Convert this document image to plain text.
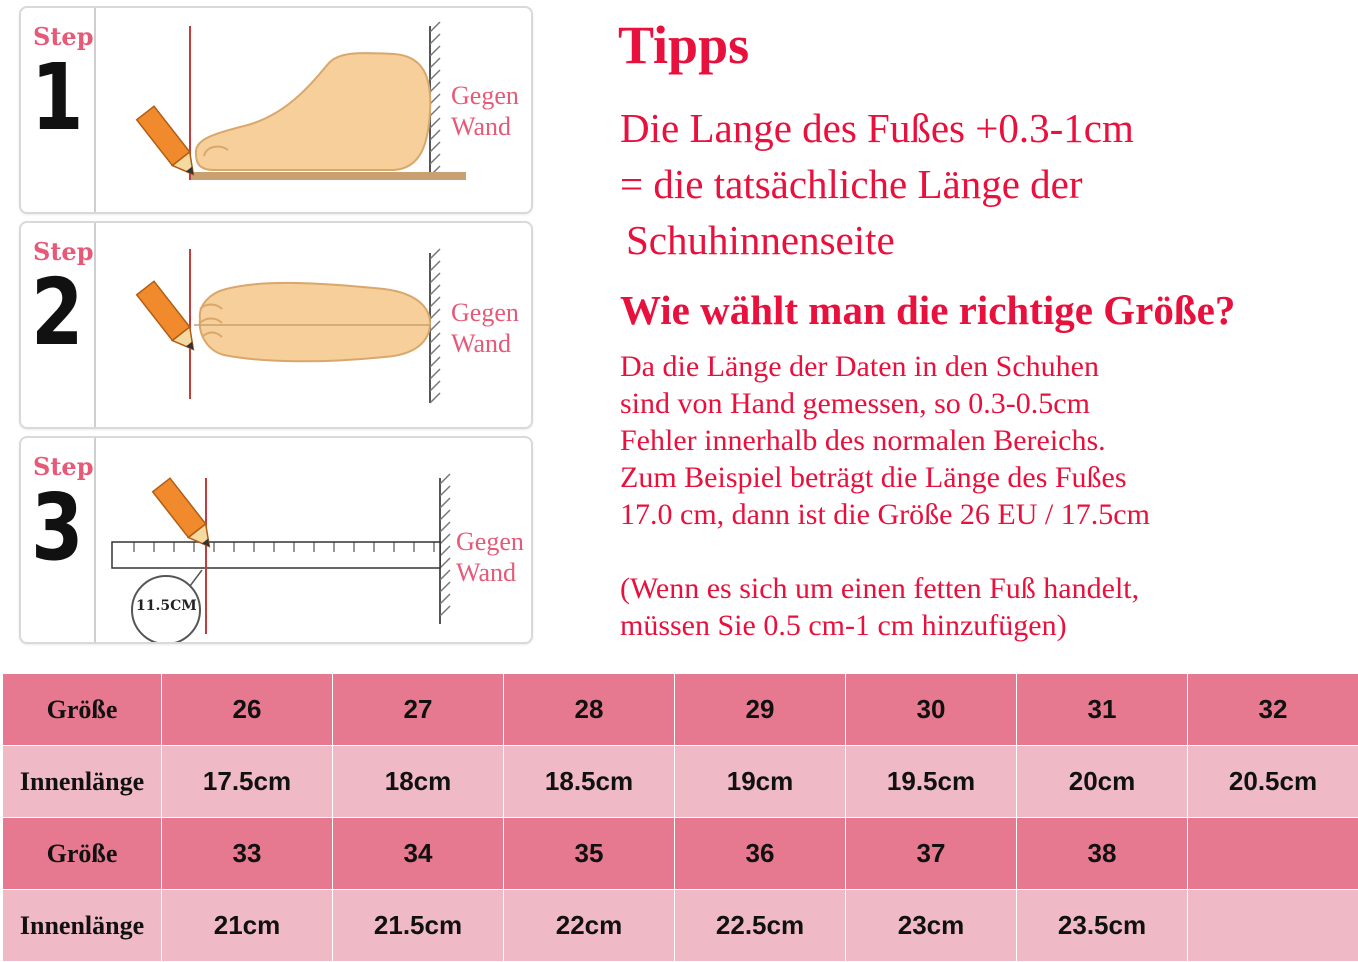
Step
1	Gegen
Wand
Step
2	Gegen
Wand
Step
3
11.5CM
Gegen
Wand
Tipps
Die Lange des Fußes +0.3-1cm
= die tatsächliche Länge der
Schuhinnenseite
Wie wählt man die richtige Größe?
Da die Länge der Daten in den Schuhen
sind von Hand gemessen, so 0.3-0.5cm
Fehler innerhalb des normalen Bereichs.
Zum Beispiel beträgt die Länge des Fußes
17.0 cm, dann ist die Größe 26 EU / 17.5cm
(Wenn es sich um einen fetten Fuß handelt,
müssen Sie 0.5 cm-1 cm hinzufügen)
Größe	26	27	28	29	30	31	32
Innenlänge	17.5cm	18cm	18.5cm	19cm	19.5cm	20cm	20.5cm
Größe	33	34	35	36	37	38
Innenlänge	21cm	21.5cm	22cm	22.5cm	23cm	23.5cm
